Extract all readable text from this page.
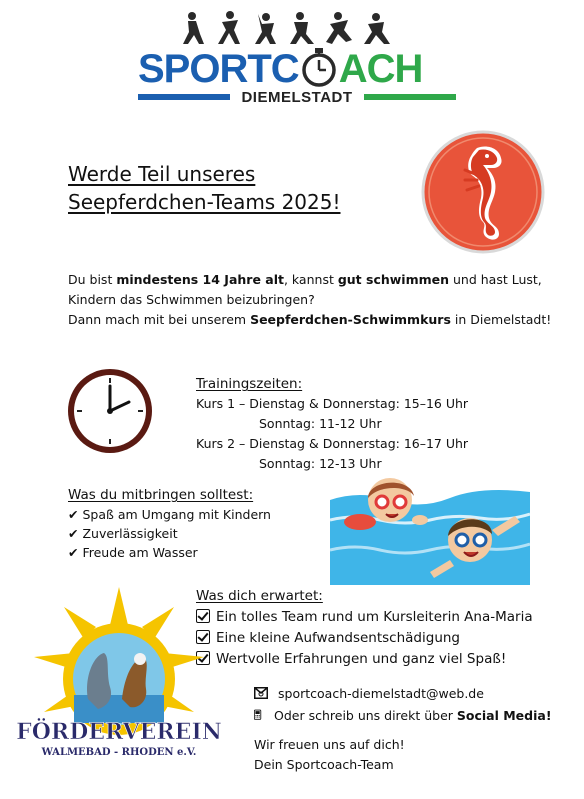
SPORTC ACH
DIEMELSTADT
Werde Teil unseres
Seepferdchen-Teams 2025!
Du bist mindestens 14 Jahre alt, kannst gut schwimmen und hast Lust,
Kindern das Schwimmen beizubringen?
Dann mach mit bei unserem Seepferdchen-Schwimmkurs in Diemelstadt!
Trainingszeiten:
Kurs 1 – Dienstag & Donnerstag: 15–16 Uhr
Sonntag: 11-12 Uhr
Kurs 2 – Dienstag & Donnerstag: 16–17 Uhr
Sonntag: 12-13 Uhr
Was du mitbringen solltest:
✔ Spaß am Umgang mit Kindern
✔ Zuverlässigkeit
✔ Freude am Wasser
Was dich erwartet:
Ein tolles Team rund um Kursleiterin Ana-Maria
Eine kleine Aufwandsentschädigung
Wertvolle Erfahrungen und ganz viel Spaß!
FÖRDERVEREIN
WALMEBAD - RHODEN e.V.
sportcoach-diemelstadt@web.de
Oder schreib uns direkt über Social Media!
Wir freuen uns auf dich!
Dein Sportcoach-Team
